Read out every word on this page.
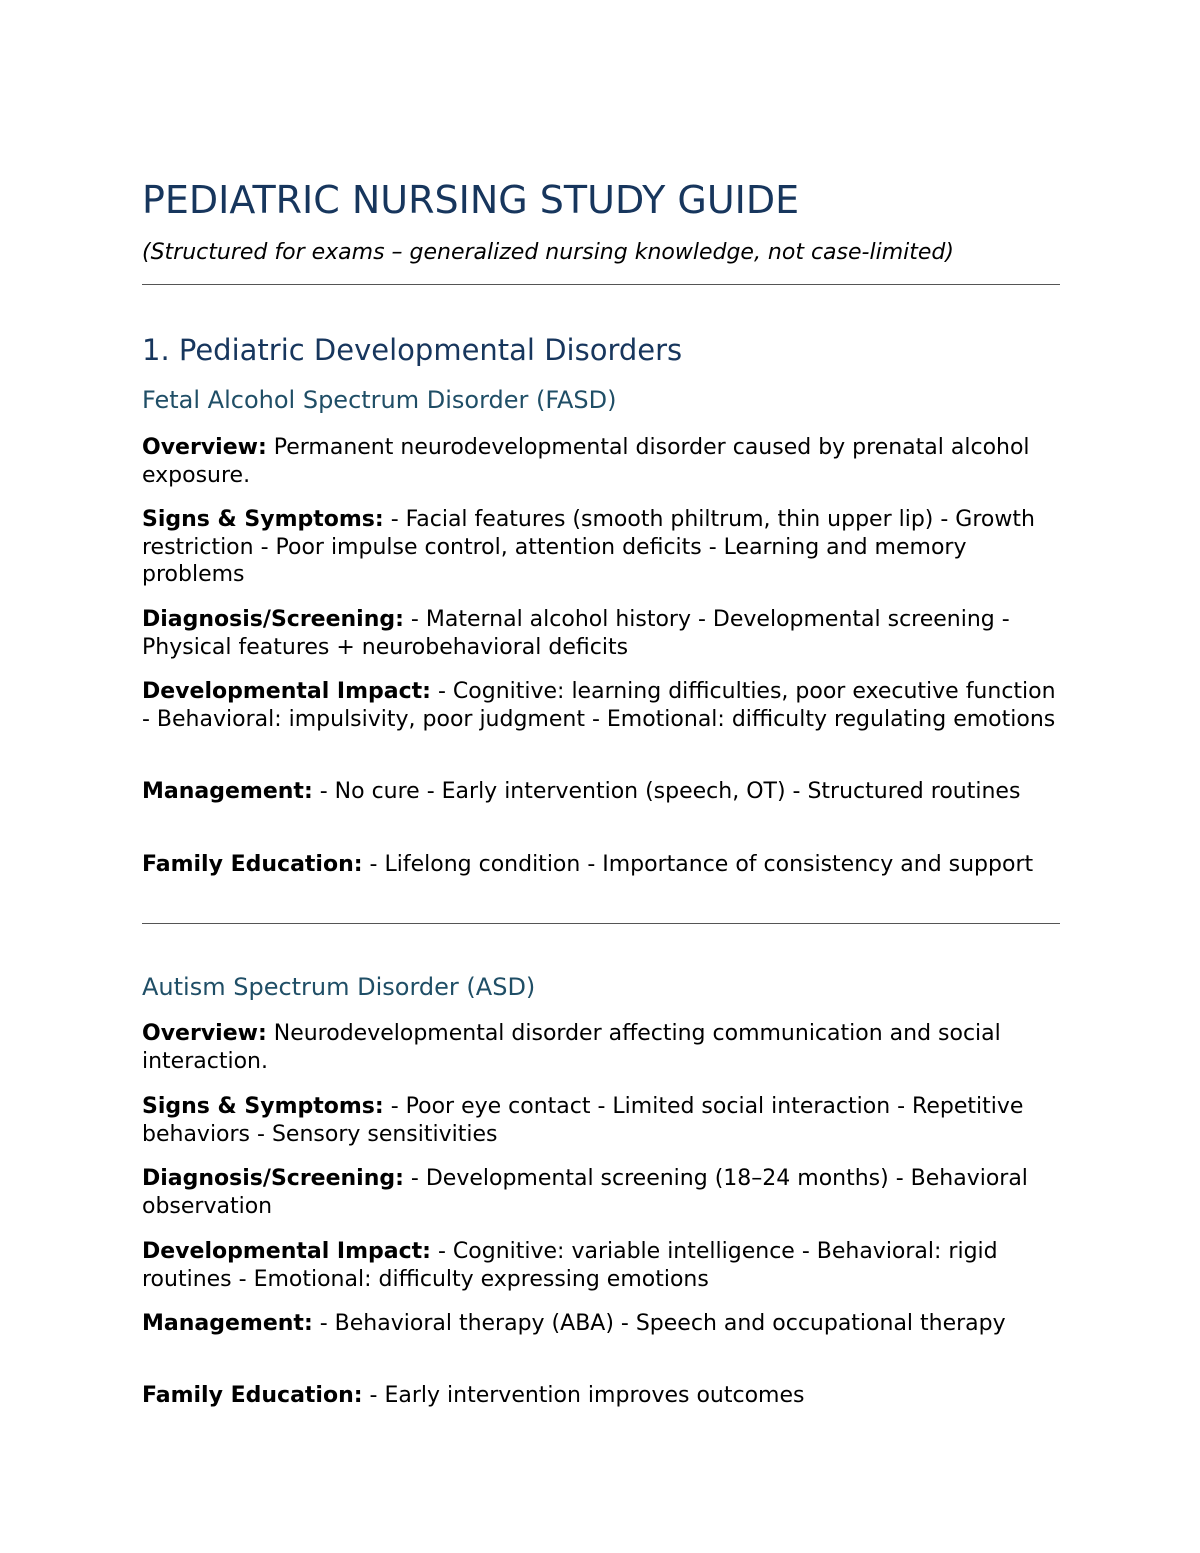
PEDIATRIC NURSING STUDY GUIDE

(Structured for exams – generalized nursing knowledge, not case-limited)

1. Pediatric Developmental Disorders
Fetal Alcohol Spectrum Disorder (FASD)

Overview: Permanent neurodevelopmental disorder caused by prenatal alcohol exposure.

Signs & Symptoms: - Facial features (smooth philtrum, thin upper lip) - Growth restriction - Poor impulse control, attention deficits - Learning and memory problems

Diagnosis/Screening: - Maternal alcohol history - Developmental screening - Physical features + neurobehavioral deficits

Developmental Impact: - Cognitive: learning difficulties, poor executive function - Behavioral: impulsivity, poor judgment - Emotional: difficulty regulating emotions

Management: - No cure - Early intervention (speech, OT) - Structured routines

Family Education: - Lifelong condition - Importance of consistency and support

Autism Spectrum Disorder (ASD)

Overview: Neurodevelopmental disorder affecting communication and social interaction.

Signs & Symptoms: - Poor eye contact - Limited social interaction - Repetitive behaviors - Sensory sensitivities

Diagnosis/Screening: - Developmental screening (18–24 months) - Behavioral observation

Developmental Impact: - Cognitive: variable intelligence - Behavioral: rigid routines - Emotional: difficulty expressing emotions

Management: - Behavioral therapy (ABA) - Speech and occupational therapy

Family Education: - Early intervention improves outcomes
